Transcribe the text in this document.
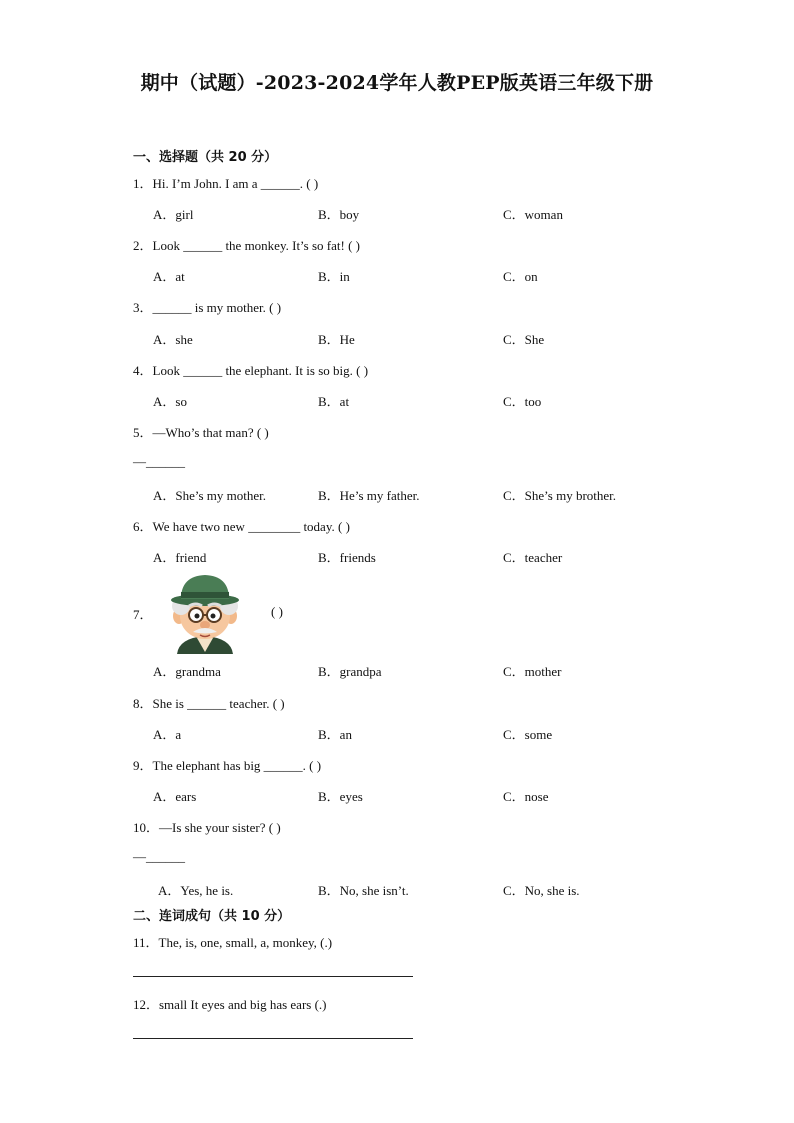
期中（试题）-2023-2024学年人教PEP版英语三年级下册
一、选择题（共 20 分）
1．Hi. I’m John. I am a ______. ( )
A．girl	B．boy	C．woman
2．Look ______ the monkey. It’s so fat! ( )
A．at	B．in	C．on
3．______ is my mother. ( )
A．she	B．He	C．She
4．Look ______ the elephant. It is so big. ( )
A．so	B．at	C．too
5．—Who’s that man? ( )
—______
A．She’s my mother.	B．He’s my father.	C．She’s my brother.
6．We have two new ________ today. ( )
A．friend	B．friends	C．teacher
7．	( )
A．grandma	B．grandpa	C．mother
8．She is ______ teacher. ( )
A．a	B．an	C．some
9．The elephant has big ______. ( )
A．ears	B．eyes	C．nose
10．—Is she your sister? ( )
—______
A．Yes, he is.	B．No, she isn’t.	C．No, she is.
二、连词成句（共 10 分）
11．The, is, one, small, a, monkey, (.)
12．small It eyes and big has ears (.)
